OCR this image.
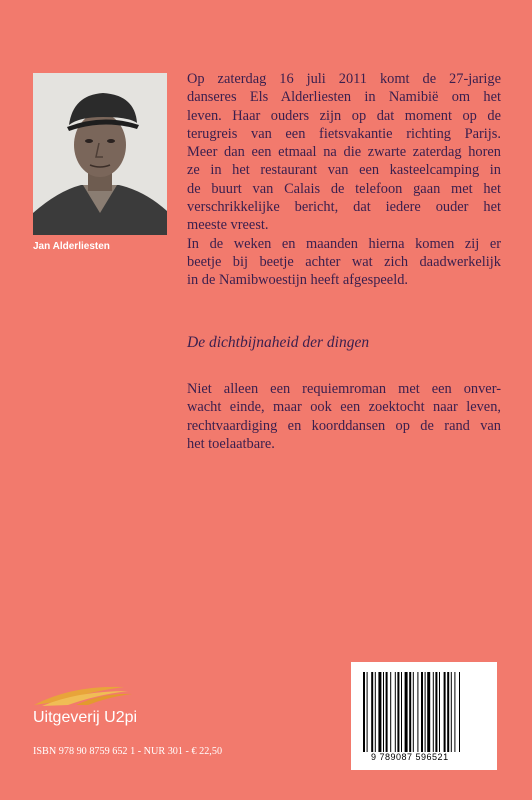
Jan Alderliesten

Op zaterdag 16 juli 2011 komt de 27-jarige
danseres Els Alderliesten in Namibië om het
leven. Haar ouders zijn op dat moment op de
terugreis van een fietsvakantie richting Parijs.
Meer dan een etmaal na die zwarte zaterdag horen
ze in het restaurant van een kasteelcamping in
de buurt van Calais de telefoon gaan met het
verschrikkelijke bericht, dat iedere ouder het
meeste vreest.

In de weken en maanden hierna komen zij er
beetje bij beetje achter wat zich daadwerkelijk
in de Namibwoestijn heeft afgespeeld.

De dichtbijnaheid der dingen
Niet alleen een requiemroman met een onver-
wacht einde, maar ook een zoektocht naar leven,
rechtvaardiging en koorddansen op de rand van
het toelaatbare.
Uitgeverij U2pi
ISBN 978 90 8759 652 1 - NUR 301 - € 22,50	9 789087 596521
